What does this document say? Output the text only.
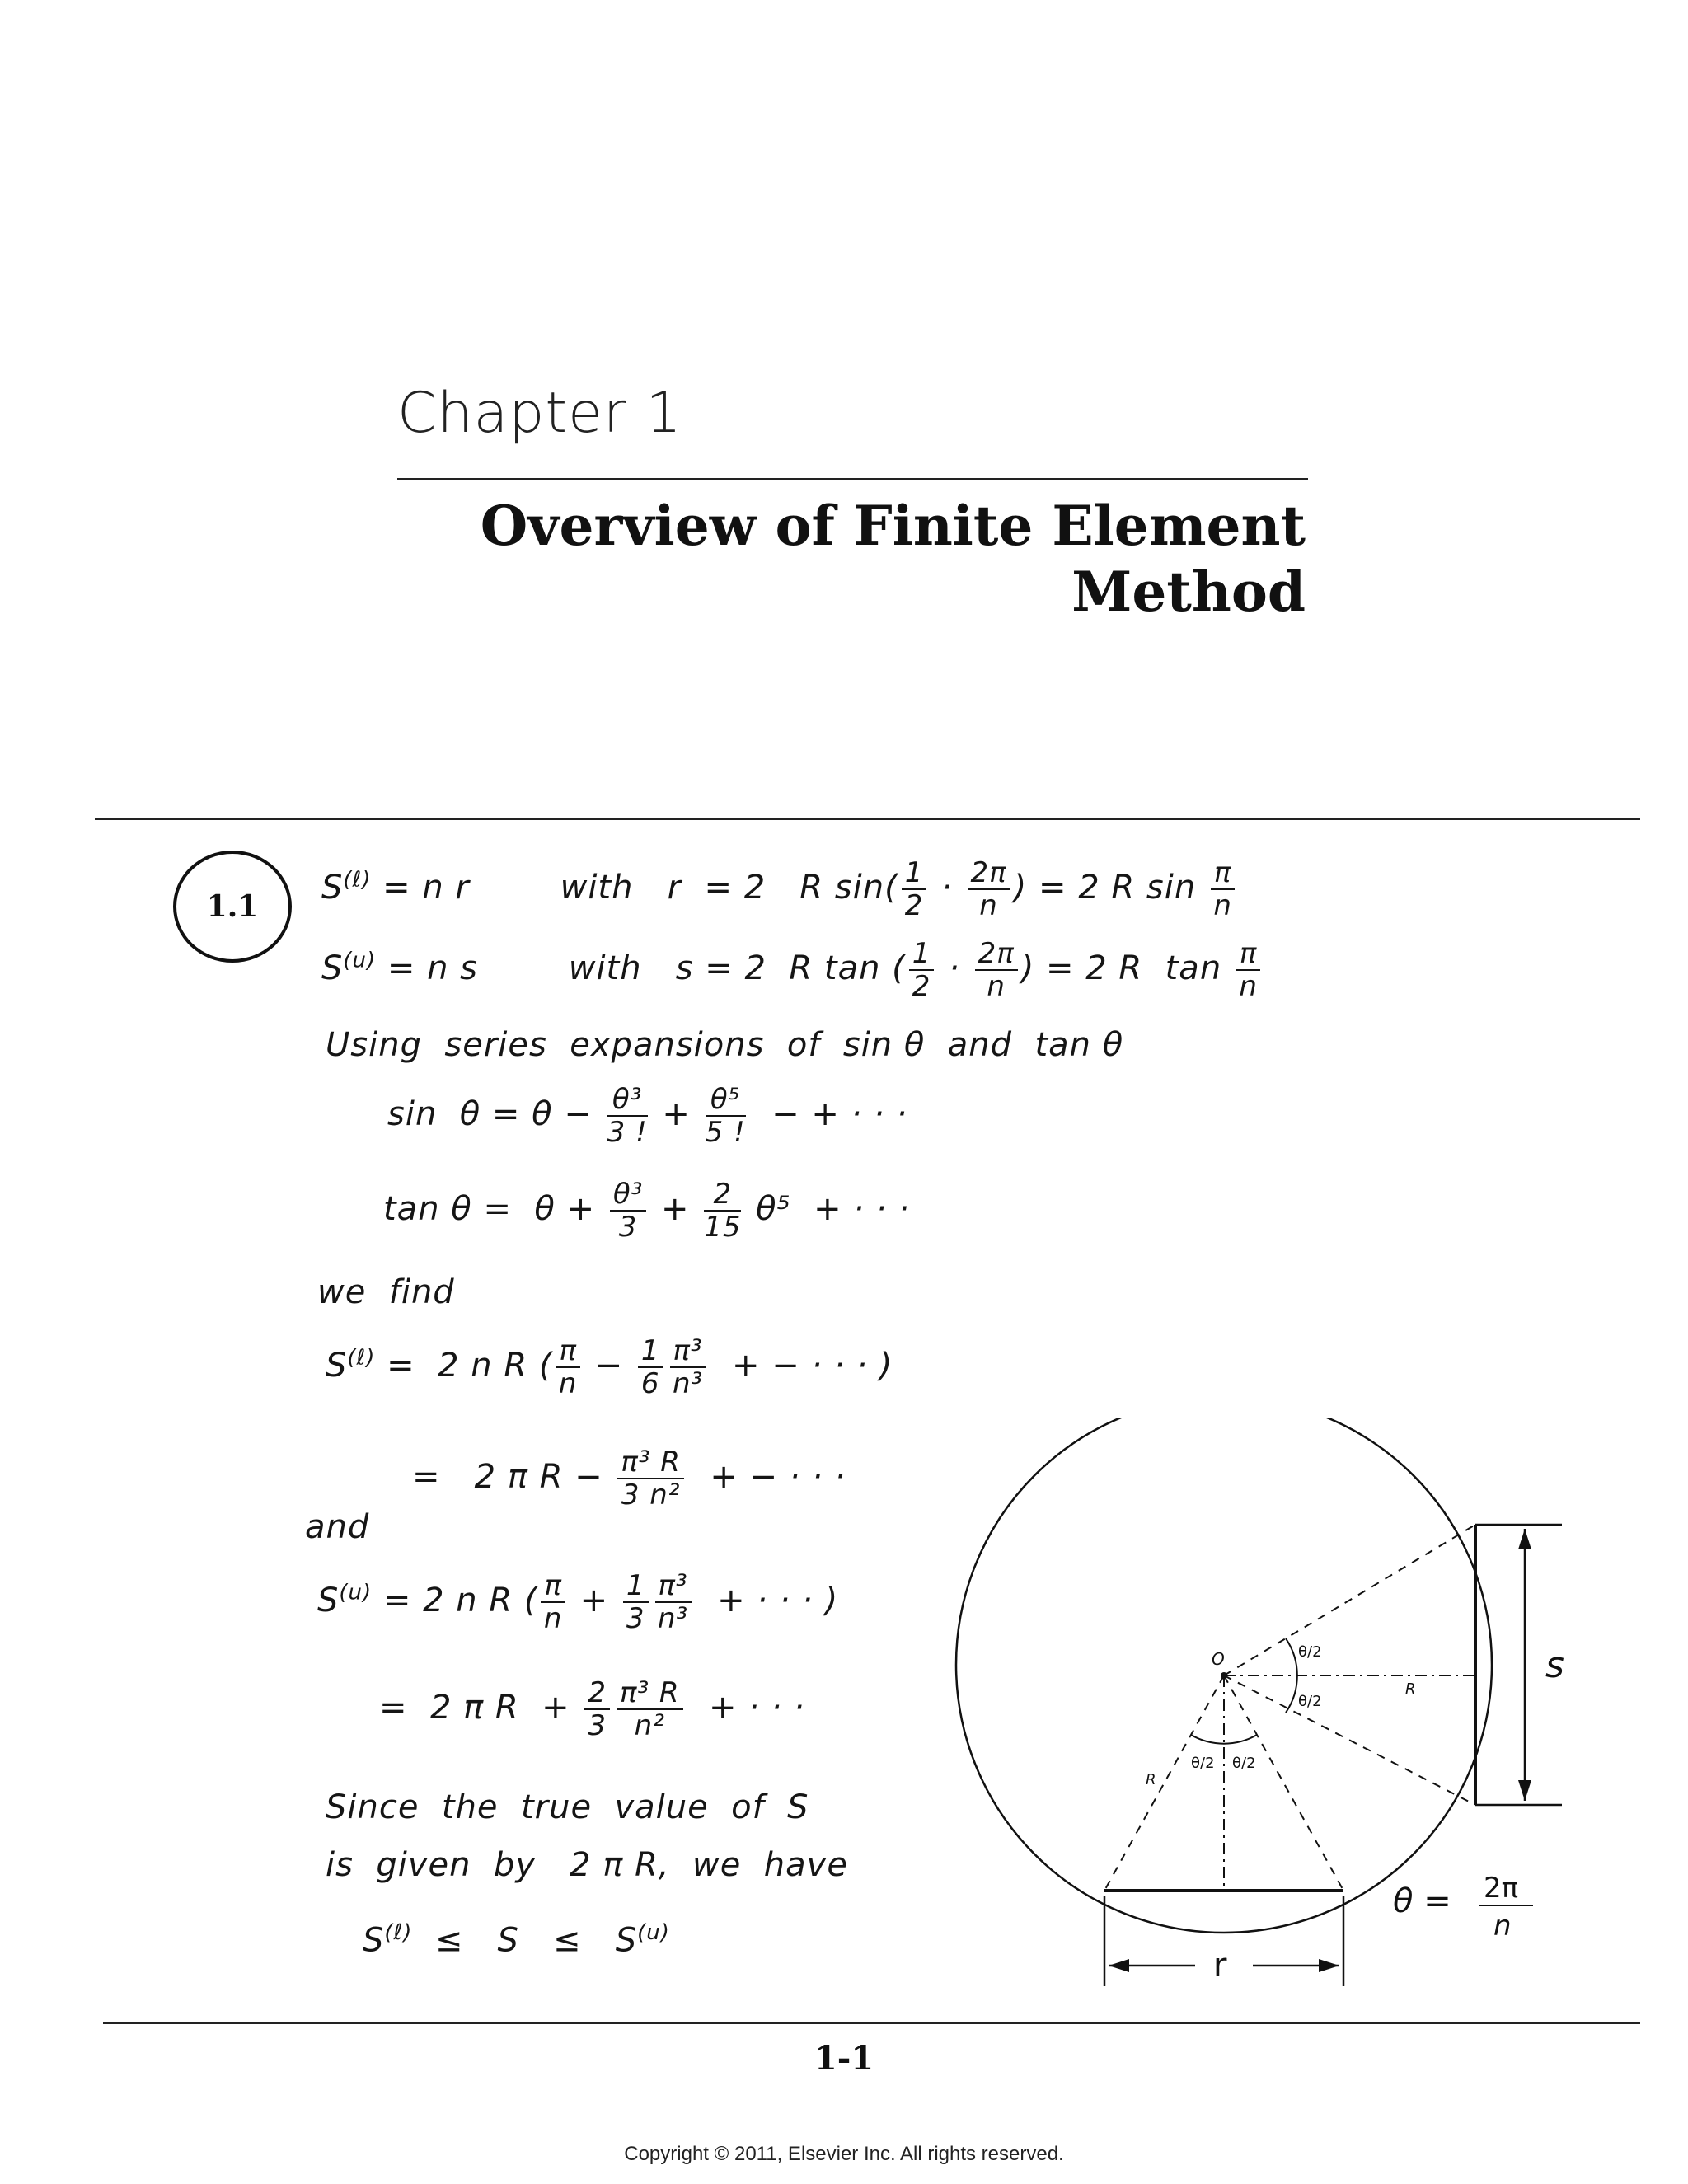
Chapter 1
Overview of Finite Element
Method
1.1 $S^{(\ell)} = n$ r        with   r  = 2   R $\sin( \frac{1}{2} \cdot \frac{2\pi}{n}$ ) = 2 R $\sin \frac{\pi}{n}$
$S^{(u)} = n$ s        with   s = 2  R tan ( $\frac{1}{2} \cdot \frac{2\pi}{n}$ ) = 2 R  $\tan \frac{\pi}{n}$
Using  series  expansions  of  sin θ  and  tan θ
$\sin \theta = \theta - \frac{\text{θ³}}{3 !} + \frac{\text{θ⁵}}{5 !}$ − + · · ·
$\tan \theta = \theta + \frac{\text{θ³}}{3} + \frac{2}{15} \theta^5$  + · · ·
we  find
$S^{(\ell)} = 2$ n R ( $\frac{\pi}{n} - \frac{1}{6} \frac{\text{π³}}{\text{n³}}$ + − · · · )
=   2 π $R - \frac{\text{π³ R}}{\text{3 n²}}$ + − · · ·
and
$S^{(u)} = 2$ n R ( $\frac{\pi}{n} + \frac{1}{3} \frac{\text{π³}}{\text{n³}}$ + · · · )
=  2 π $R + \frac{2}{3} \frac{\text{π³ R}}{\text{n²}}$ + · · ·
Since  the  true  value  of  S
is  given  by   2 π R,  we  have
$S^{(\ell)} \le S \le S^{(u)}$
O
R
R
θ/2
θ/2
θ/2 θ/2
s
r
θ = 2π
n
1-1
Copyright © 2011, Elsevier Inc. All rights reserved.
